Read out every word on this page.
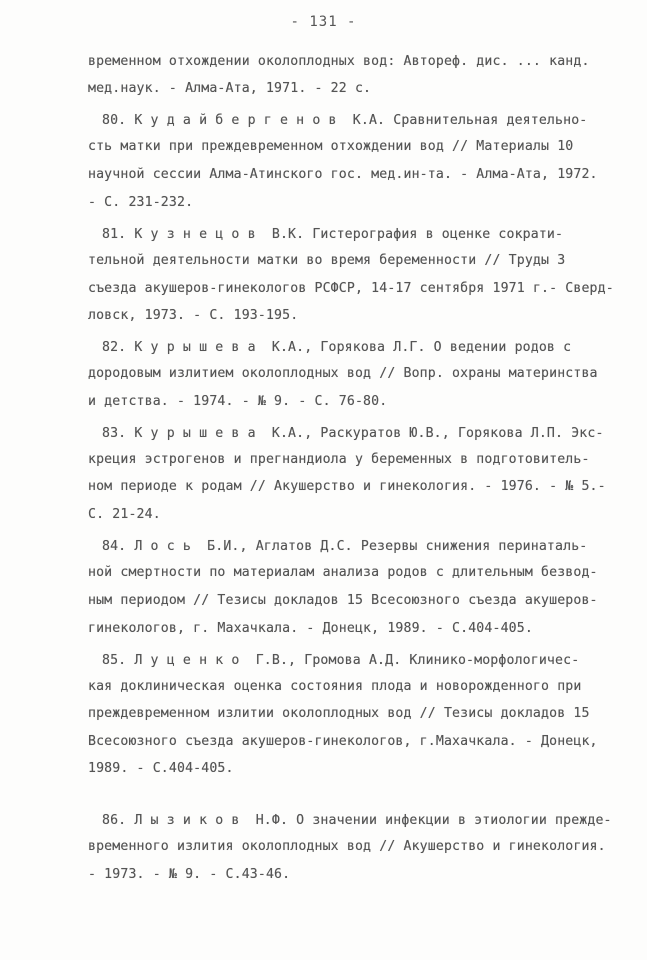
- 131 -
временном отхождении околоплодных вод: Автореф. дис. ... канд.
мед.наук. - Алма-Ата, 1971. - 22 с.
80. К у д а й б е р г е н о в  К.А. Сравнительная деятельно-
сть матки при преждевременном отхождении вод // Материалы 10
научной сессии Алма-Атинского гос. мед.ин-та. - Алма-Ата, 1972.
- С. 231-232.
81. К у з н е ц о в  В.К. Гистерография в оценке сократи-
тельной деятельности матки во время беременности // Труды 3
съезда акушеров-гинекологов РСФСР, 14-17 сентября 1971 г.- Сверд-
ловск, 1973. - С. 193-195.
82. К у р ы ш е в а  К.А., Горякова Л.Г. О ведении родов с
дородовым излитием околоплодных вод // Вопр. охраны материнства
и детства. - 1974. - № 9. - С. 76-80.
83. К у р ы ш е в а  К.А., Раскуратов Ю.В., Горякова Л.П. Экс-
креция эстрогенов и прегнандиола у беременных в подготовитель-
ном периоде к родам // Акушерство и гинекология. - 1976. - № 5.-
С. 21-24.
84. Л о с ь  Б.И., Аглатов Д.С. Резервы снижения перинаталь-
ной смертности по материалам анализа родов с длительным безвод-
ным периодом // Тезисы докладов 15 Всесоюзного съезда акушеров-
гинекологов, г. Махачкала. - Донецк, 1989. - С.404-405.
85. Л у ц е н к о  Г.В., Громова А.Д. Клинико-морфологичес-
кая доклиническая оценка состояния плода и новорожденного при
преждевременном излитии околоплодных вод // Тезисы докладов 15
Всесоюзного съезда акушеров-гинекологов, г.Махачкала. - Донецк,
1989. - С.404-405.
86. Л ы з и к о в  Н.Ф. О значении инфекции в этиологии прежде-
временного излития околоплодных вод // Акушерство и гинекология.
- 1973. - № 9. - С.43-46.
